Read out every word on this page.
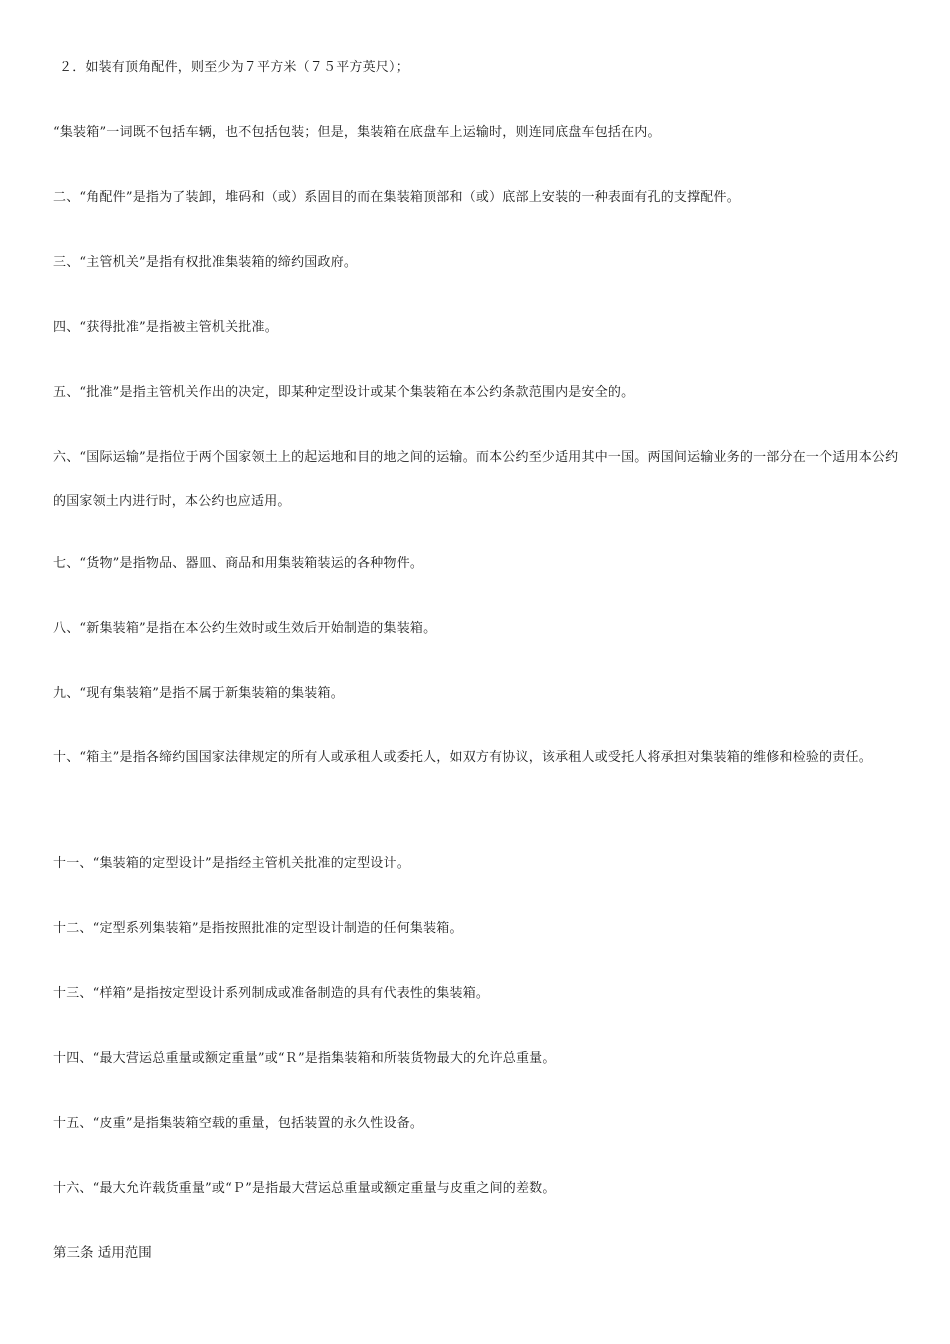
２．如装有顶角配件，则至少为７平方米（７５平方英尺）；

“集装箱”一词既不包括车辆，也不包括包装；但是，集装箱在底盘车上运输时，则连同底盘车包括在内。

二、“角配件”是指为了装卸，堆码和（或）系固目的而在集装箱顶部和（或）底部上安装的一种表面有孔的支撑配件。

三、“主管机关”是指有权批准集装箱的缔约国政府。

四、“获得批准”是指被主管机关批准。

五、“批准”是指主管机关作出的决定，即某种定型设计或某个集装箱在本公约条款范围内是安全的。

六、“国际运输”是指位于两个国家领土上的起运地和目的地之间的运输。而本公约至少适用其中一国。两国间运输业务的一部分在一个适用本公约的国家领土内进行时，本公约也应适用。

七、“货物”是指物品、器皿、商品和用集装箱装运的各种物件。

八、“新集装箱”是指在本公约生效时或生效后开始制造的集装箱。

九、“现有集装箱”是指不属于新集装箱的集装箱。

十、“箱主”是指各缔约国国家法律规定的所有人或承租人或委托人，如双方有协议，该承租人或受托人将承担对集装箱的维修和检验的责任。

十一、“集装箱的定型设计”是指经主管机关批准的定型设计。

十二、“定型系列集装箱”是指按照批准的定型设计制造的任何集装箱。

十三、“样箱”是指按定型设计系列制成或准备制造的具有代表性的集装箱。

十四、“最大营运总重量或额定重量”或“Ｒ”是指集装箱和所装货物最大的允许总重量。

十五、“皮重”是指集装箱空载的重量，包括装置的永久性设备。

十六、“最大允许载货重量”或“Ｐ”是指最大营运总重量或额定重量与皮重之间的差数。

第三条 适用范围
